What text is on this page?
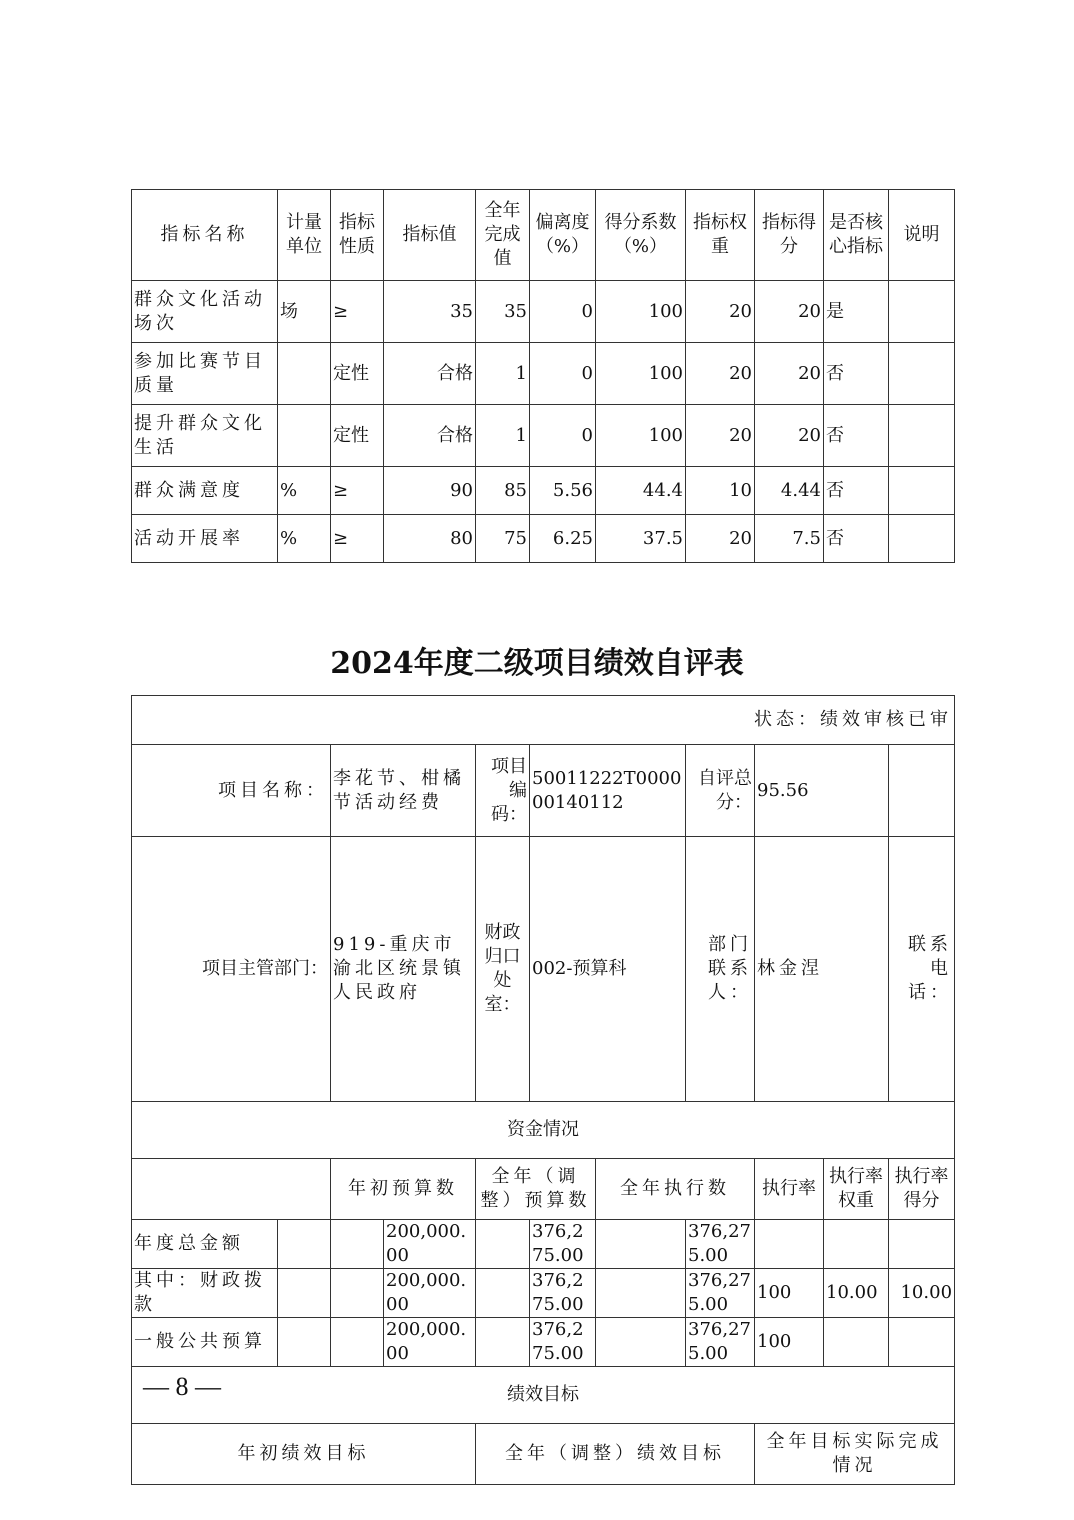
指标名称	计量单位	指标性质	指标值	全年完成值	偏离度（%）	得分系数（%）	指标权重	指标得分	是否核心指标	说明
群众文化活动场次	场	≥	35	35	0	100	20	20	是	
参加比赛节目质量		定性	合格	1	0	100	20	20	否	
提升群众文化生活		定性	合格	1	0	100	20	20	否	
群众满意度	%	≥	90	85	5.56	44.4	10	4.44	否	
活动开展率	%	≥	80	75	6.25	37.5	20	7.5	否	
2024年度二级项目绩效自评表
状态：绩效审核已审											
项目名称：		李花节、柑橘节活动经费		项目编码：	50011222T000000140112		自评总分：	95.56			
项目主管部门：		919-重庆市渝北区统景镇人民政府		财政归口处室：	002-预算科		部门联系人：	林金涅		联系电话：	
资金情况											
		年初预算数		全年（调整）预算数		全年执行数		执行率	执行率权重	执行率得分	
年度总金额			200,000.00		376,275.00		376,275.00				
其中：财政拨款			200,000.00		376,275.00		376,275.00	100	10.00	10.00	
一般公共预算			200,000.00		376,275.00		376,275.00	100			
绩效目标											
年初绩效目标				全年（调整）绩效目标				全年目标实际完成情况			
— 8 —
